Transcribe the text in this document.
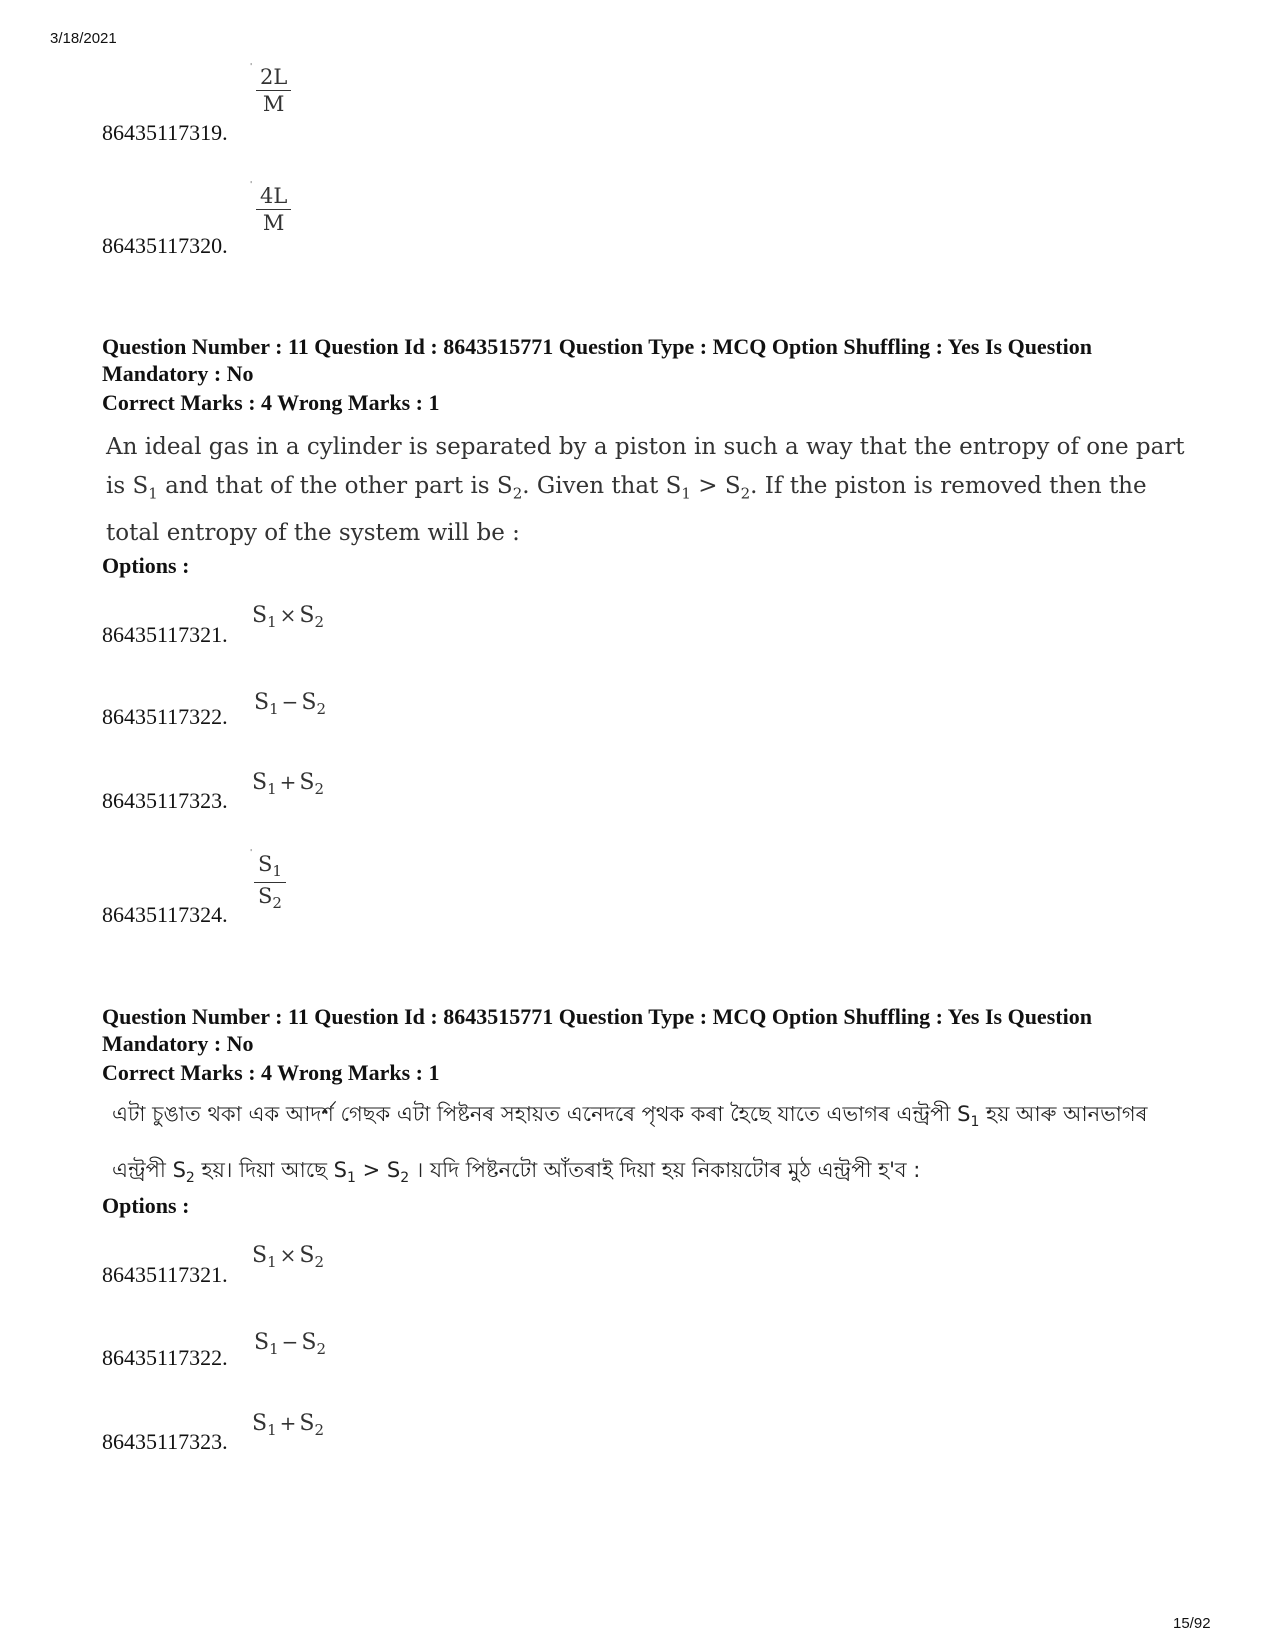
3/18/2021
86435117319.
' $\frac{2L}{M}$
86435117320.
'
$\frac{4L}{M}$
Question Number : 11 Question Id : 8643515771 Question Type : MCQ Option Shuffling : Yes Is Question Mandatory : No
Correct Marks : 4 Wrong Marks : 1
An ideal gas in a cylinder is separated by a piston in such a way that the entropy of one part is $S_1$ and that of the other part is $S_2$. Given that $S_1 > S_2$. If the piston is removed then the total entropy of the system will be :
Options :
86435117321.
$S_1 \times S_2$
86435117322.
$S_1 - S_2$
86435117323.
$S_1 + S_2$
86435117324.
'
$\frac{S_1}{S_2}$
Question Number : 11 Question Id : 8643515771 Question Type : MCQ Option Shuffling : Yes Is Question Mandatory : No
Correct Marks : 4 Wrong Marks : 1
এটা চুঙাত থকা এক আদর্শ গেছক এটা পিষ্টনৰ সহায়ত এনেদৰে পৃথক কৰা হৈছে যাতে এভাগৰ এন্ট্ৰপী $S_1$ হয় আৰু আনভাগৰ এন্ট্ৰপী $S_2$ হয়। দিয়া আছে $S_1 > S_2$ । যদি পিষ্টনটো আঁতৰাই দিয়া হয় নিকায়টোৰ মুঠ এন্ট্ৰপী হ'ব :
Options :
86435117321.
$S_1 \times S_2$
86435117322.
$S_1 - S_2$
86435117323.
$S_1 + S_2$
15/92
